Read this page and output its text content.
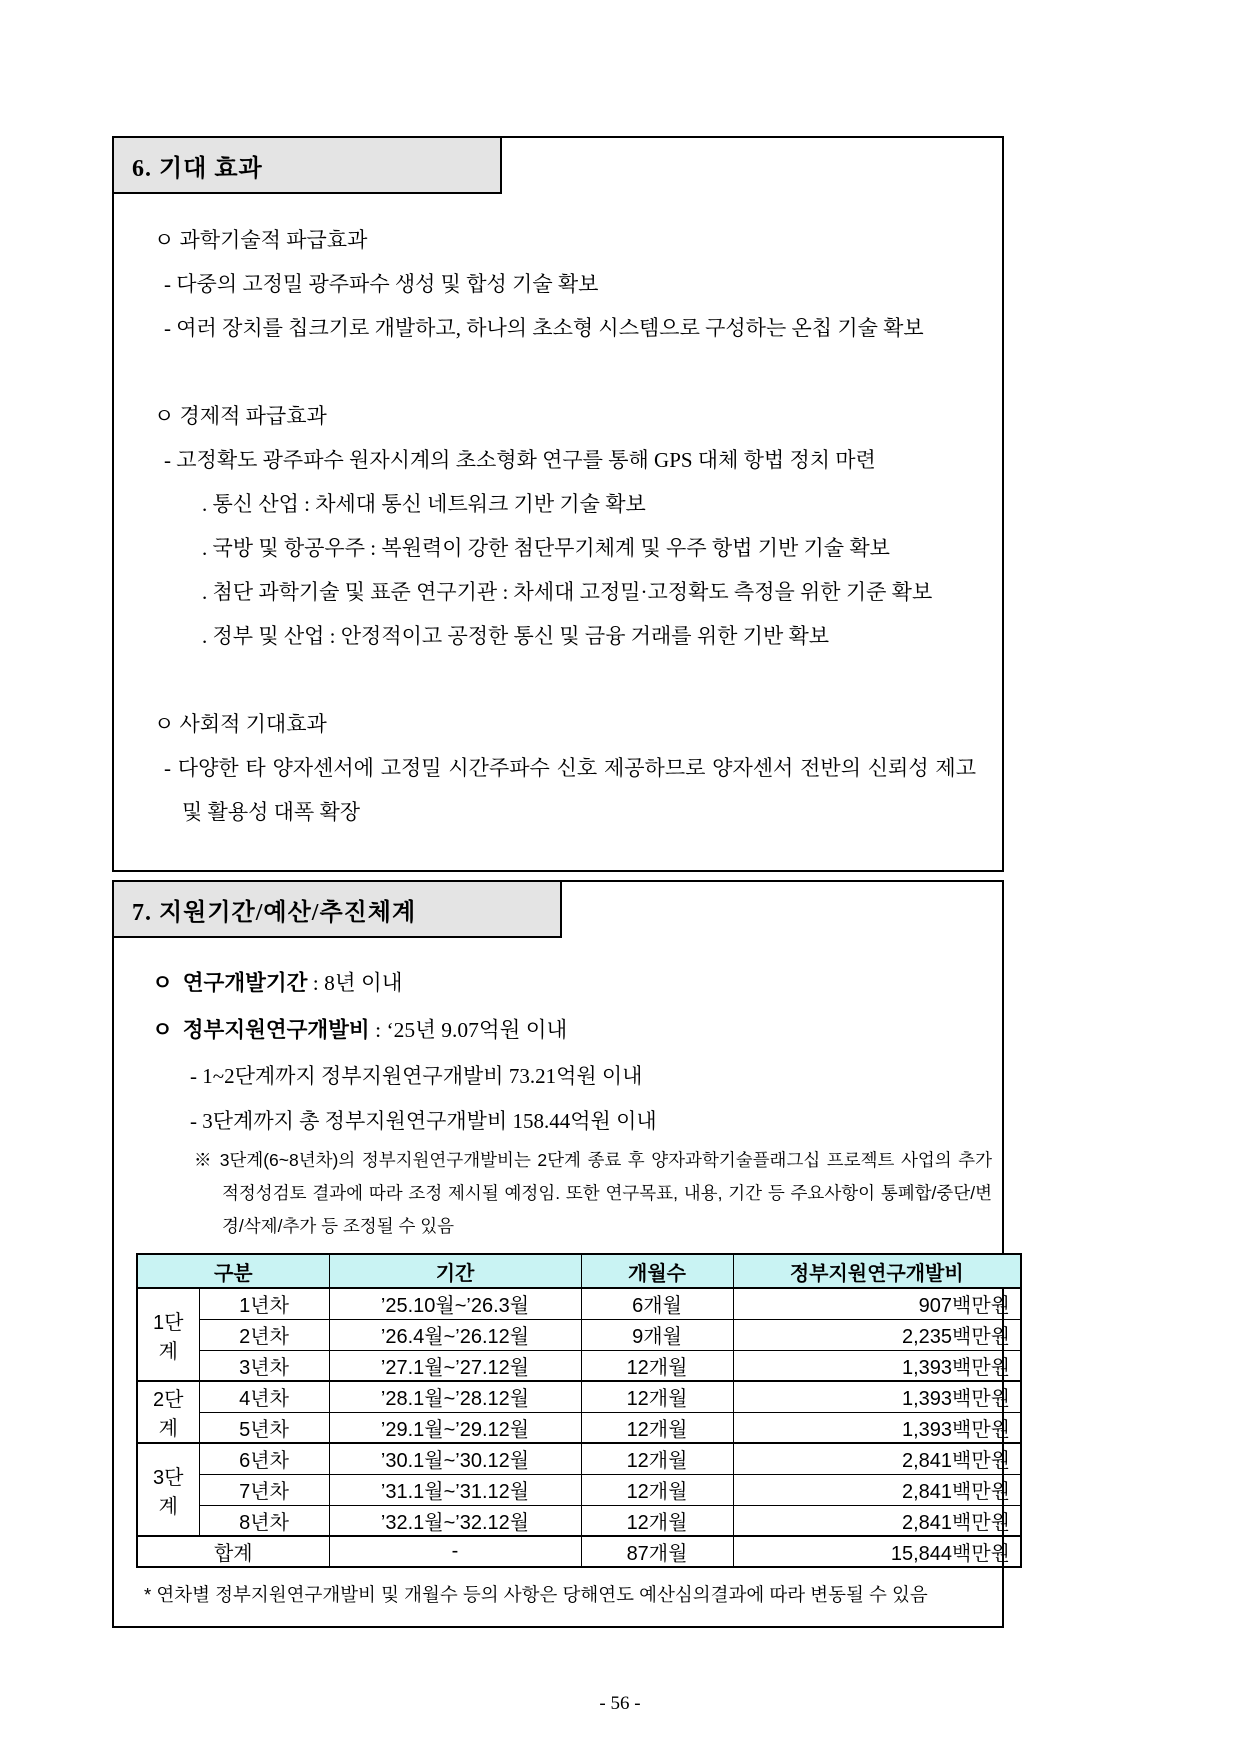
6. 기대 효과

ㅇ 과학기술적 파급효과

- 다중의 고정밀 광주파수 생성 및 합성 기술 확보

- 여러 장치를 칩크기로 개발하고, 하나의 초소형 시스템으로 구성하는 온칩 기술 확보

ㅇ 경제적 파급효과

- 고정확도 광주파수 원자시계의 초소형화 연구를 통해 GPS 대체 항법 정치 마련

. 통신 산업 : 차세대 통신 네트워크 기반 기술 확보

. 국방 및 항공우주 : 복원력이 강한 첨단무기체계 및 우주 항법 기반 기술 확보

. 첨단 과학기술 및 표준 연구기관 : 차세대 고정밀·고정확도 측정을 위한 기준 확보

. 정부 및 산업 : 안정적이고 공정한 통신 및 금융 거래를 위한 기반 확보

ㅇ 사회적 기대효과

- 다양한 타 양자센서에 고정밀 시간주파수 신호 제공하므로 양자센서 전반의 신뢰성 제고 및 활용성 대폭 확장

7. 지원기간/예산/추진체계

ㅇ 연구개발기간 : 8년 이내

ㅇ 정부지원연구개발비 : ‘25년 9.07억원 이내

- 1~2단계까지 정부지원연구개발비 73.21억원 이내

- 3단계까지 총 정부지원연구개발비 158.44억원 이내

※ 3단계(6~8년차)의 정부지원연구개발비는 2단계 종료 후 양자과학기술플래그십 프로젝트 사업의 추가 적정성검토 결과에 따라 조정 제시될 예정임. 또한 연구목표, 내용, 기간 등 주요사항이 통폐합/중단/변경/삭제/추가 등 조정될 수 있음

구분		기간	개월수	정부지원연구개발비
1단계	1년차	’25.10월~’26.3월	6개월	907백만원
	2년차	’26.4월~’26.12월	9개월	2,235백만원
	3년차	’27.1월~’27.12월	12개월	1,393백만원
2단계	4년차	’28.1월~’28.12월	12개월	1,393백만원
	5년차	’29.1월~’29.12월	12개월	1,393백만원
3단계	6년차	’30.1월~’30.12월	12개월	2,841백만원
	7년차	’31.1월~’31.12월	12개월	2,841백만원
	8년차	’32.1월~’32.12월	12개월	2,841백만원
합계		-	87개월	15,844백만원

* 연차별 정부지원연구개발비 및 개월수 등의 사항은 당해연도 예산심의결과에 따라 변동될 수 있음

- 56 -
